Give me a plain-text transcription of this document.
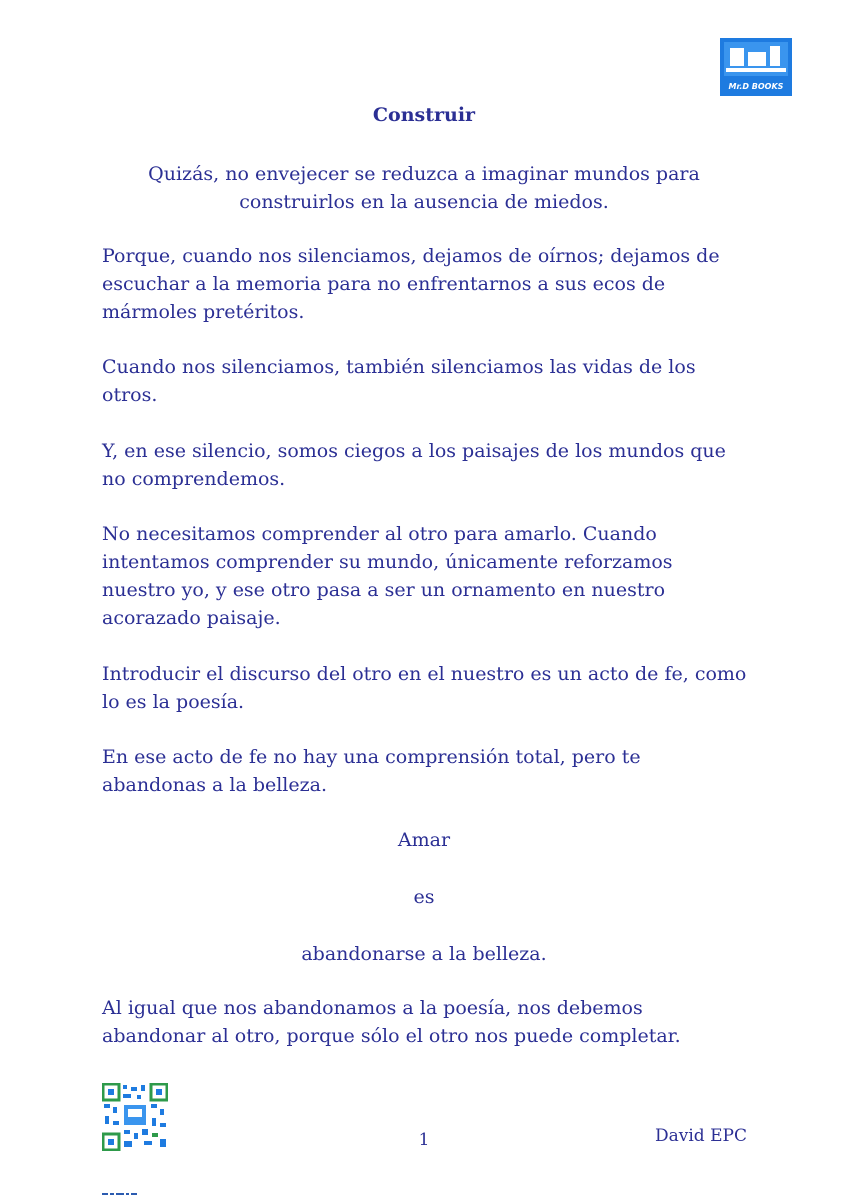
Mr.D BOOKS
Construir
Quizás, no envejecer se reduzca a imaginar mundos para
construirlos en la ausencia de miedos.
Porque, cuando nos silenciamos, dejamos de oírnos; dejamos de
escuchar a la memoria para no enfrentarnos a sus ecos de
mármoles pretéritos.
Cuando nos silenciamos, también silenciamos las vidas de los
otros.
Y, en ese silencio, somos ciegos a los paisajes de los mundos que
no comprendemos.
No necesitamos comprender al otro para amarlo. Cuando
intentamos comprender su mundo, únicamente reforzamos
nuestro yo, y ese otro pasa a ser un ornamento en nuestro
acorazado paisaje.
Introducir el discurso del otro en el nuestro es un acto de fe, como
lo es la poesía.
En ese acto de fe no hay una comprensión total, pero te
abandonas a la belleza.
Amar
es
abandonarse a la belleza.
Al igual que nos abandonamos a la poesía, nos debemos
abandonar al otro, porque sólo el otro nos puede completar.
1	David EPC
